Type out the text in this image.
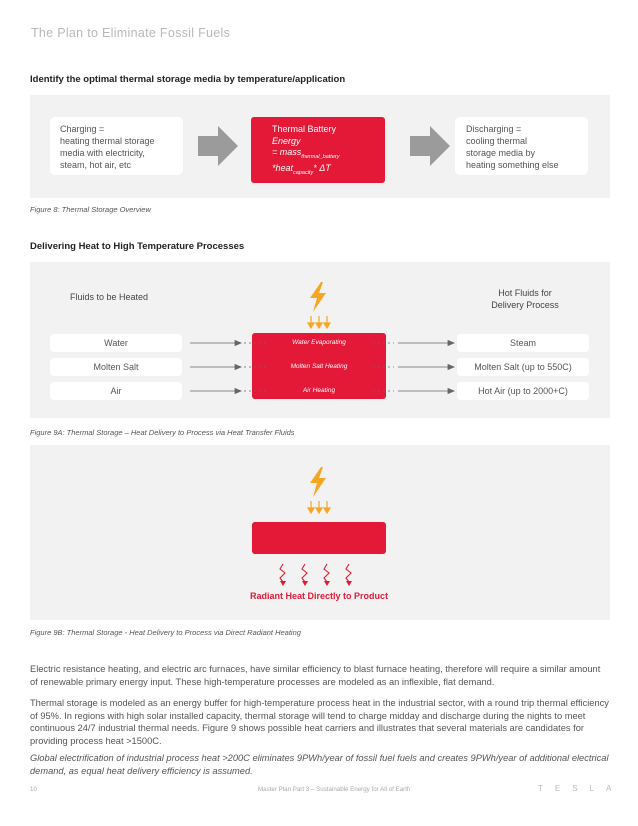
The Plan to Eliminate Fossil Fuels
Identify the optimal thermal storage media by temperature/application
Charging =
heating thermal storage
media with electricity,
steam, hot air, etc
Thermal Battery
Energy
= mass$_{thermal\_battery}$
*heat$_{capacity}$* ΔT
Discharging =
cooling thermal
storage media by
heating something else
Figure 8: Thermal Storage Overview
Delivering Heat to High Temperature Processes
Fluids to be Heated	Hot Fluids for
Delivery Process
Water	Water Evaporating	Steam
Molten Salt	Molten Salt Heating	Molten Salt (up to 550C)
Air	Air Heating	Hot Air (up to 2000+C)
Figure 9A: Thermal Storage – Heat Delivery to Process via Heat Transfer Fluids
Radiant Heat Directly to Product
Figure 9B: Thermal Storage - Heat Delivery to Process via Direct Radiant Heating
Electric resistance heating, and electric arc furnaces, have similar efficiency to blast furnace heating, therefore will require a similar amount of renewable primary energy input. These high-temperature processes are modeled as an inflexible, flat demand.
Thermal storage is modeled as an energy buffer for high-temperature process heat in the industrial sector, with a round trip thermal efficiency of 95%. In regions with high solar installed capacity, thermal storage will tend to charge midday and discharge during the nights to meet continuous 24/7 industrial thermal needs. Figure 9 shows possible heat carriers and illustrates that several materials are candidates for providing process heat >1500C.
Global electrification of industrial process heat >200C eliminates 9PWh/year of fossil fuel fuels and creates 9PWh/year of additional electrical demand, as equal heat delivery efficiency is assumed.
10	Master Plan Part 3 – Sustainable Energy for All of Earth	T E S L A
